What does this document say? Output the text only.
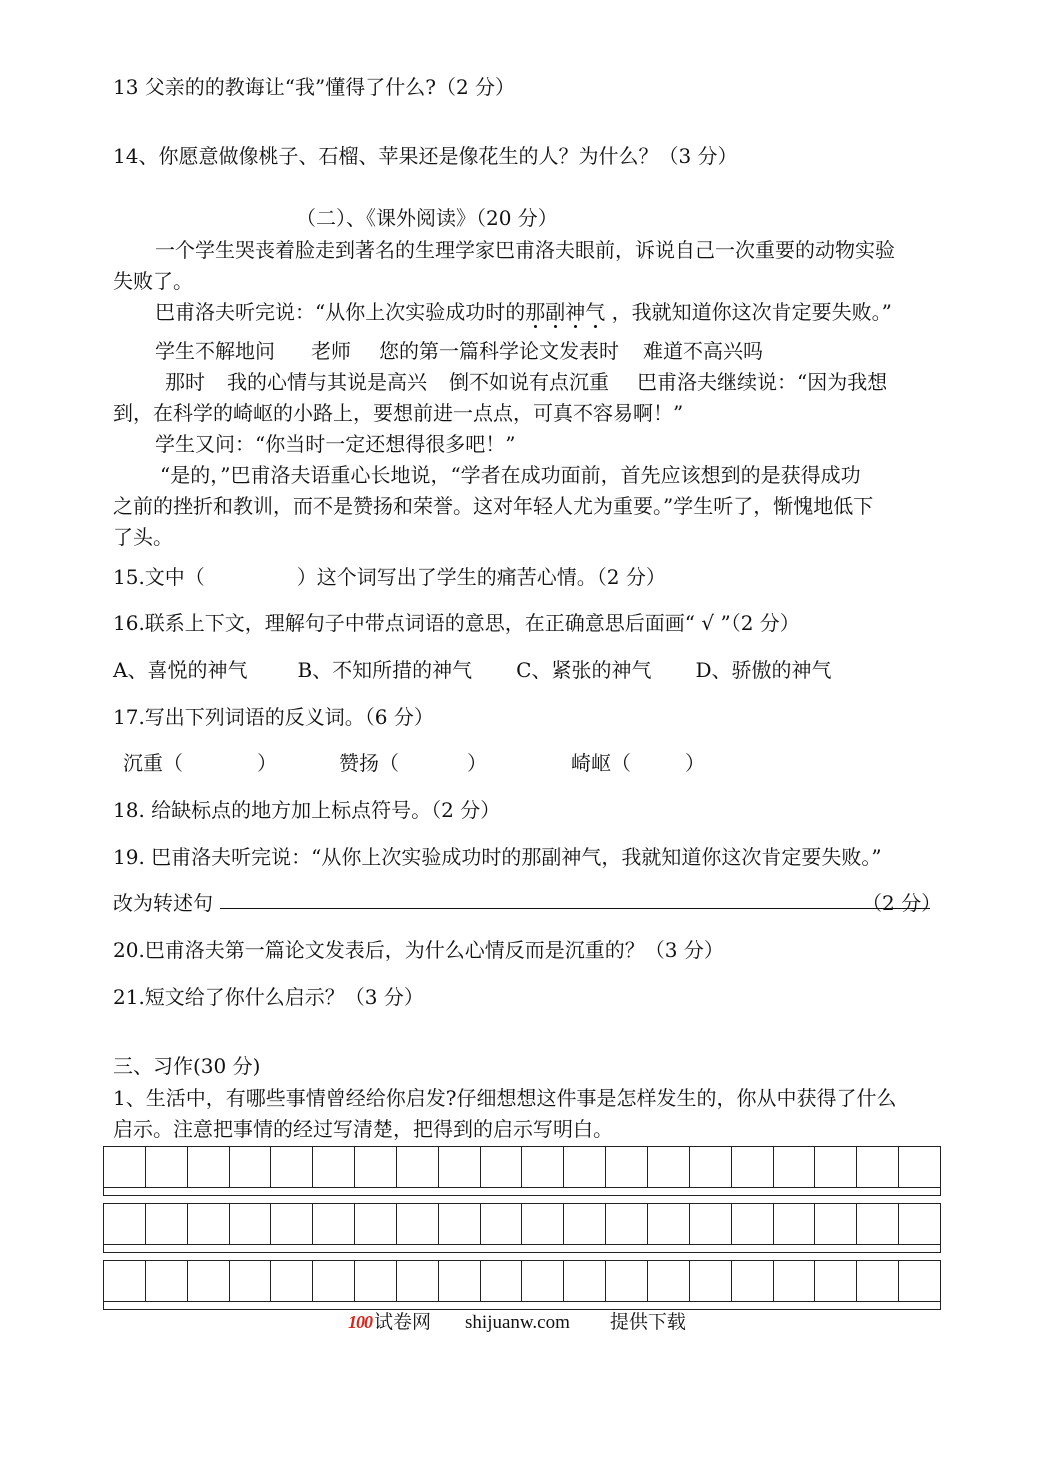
13 父亲的的教诲让“我”懂得了什么?（2 分）
14、你愿意做像桃子、石榴、苹果还是像花生的人？为什么？（3 分）
（二）、《课外阅读》（20 分）
一个学生哭丧着脸走到著名的生理学家巴甫洛夫眼前，诉说自己一次重要的动物实验
失败了。
巴甫洛夫听完说：“从你上次实验成功时的那副神气 ，我就知道你这次肯定要失败。”
学生不解地问 老师 您的第一篇科学论文发表时 难道不高兴吗
那时 我的心情与其说是高兴 倒不如说有点沉重 巴甫洛夫继续说：“因为我想
到，在科学的崎岖的小路上，要想前进一点点，可真不容易啊！”
学生又问：“你当时一定还想得很多吧！”
“是的，”巴甫洛夫语重心长地说，“学者在成功面前，首先应该想到的是获得成功
之前的挫折和教训，而不是赞扬和荣誉。这对年轻人尤为重要。”学生听了，惭愧地低下
了头。
15.文中（	）这个词写出了学生的痛苦心情。（2 分）
16.联系上下文，理解句子中带点词语的意思，在正确意思后面画“ √ ”（2 分）
A、喜悦的神气	B、不知所措的神气 C、紧张的神气 D、骄傲的神气
17.写出下列词语的反义词。（6 分）
沉重（	）	赞扬（	）	崎岖（	）
18. 给缺标点的地方加上标点符号。（2 分）
19. 巴甫洛夫听完说：“从你上次实验成功时的那副神气，我就知道你这次肯定要失败。”
改为转述句	（2 分）
20.巴甫洛夫第一篇论文发表后，为什么心情反而是沉重的？（3 分）
21.短文给了你什么启示？（3 分）
三、习作(30 分)
1、生活中，有哪些事情曾经给你启发?仔细想想这件事是怎样发生的，你从中获得了什么
启示。注意把事情的经过写清楚，把得到的启示写明白。
100 试卷网 shijuanw.com 提供下载
